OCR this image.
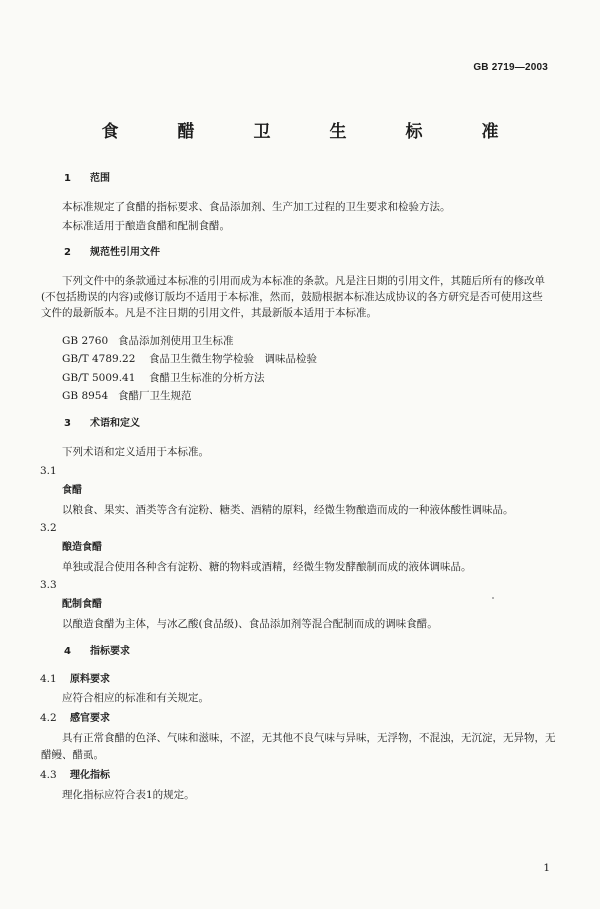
GB 2719—2003
食　醋　卫　生　标　准
1 范围
本标准规定了食醋的指标要求、食品添加剂、生产加工过程的卫生要求和检验方法。
本标准适用于酿造食醋和配制食醋。
2 规范性引用文件
下列文件中的条款通过本标准的引用而成为本标准的条款。凡是注日期的引用文件，其随后所有的修改单(不包括勘误的内容)或修订版均不适用于本标准，然而，鼓励根据本标准达成协议的各方研究是否可使用这些文件的最新版本。凡是不注日期的引用文件，其最新版本适用于本标准。
GB 2760 食品添加剂使用卫生标准
GB/T 4789.22 食品卫生微生物学检验　调味品检验
GB/T 5009.41 食醋卫生标准的分析方法
GB 8954 食醋厂卫生规范
3 术语和定义
下列术语和定义适用于本标准。
3.1
食醋
以粮食、果实、酒类等含有淀粉、糖类、酒精的原料，经微生物酿造而成的一种液体酸性调味品。
3.2
酿造食醋
单独或混合使用各种含有淀粉、糖的物料或酒精，经微生物发酵酿制而成的液体调味品。
3.3
配制食醋
以酿造食醋为主体，与冰乙酸(食品级)、食品添加剂等混合配制而成的调味食醋。
4 指标要求
4.1 原料要求
应符合相应的标准和有关规定。
4.2 感官要求
具有正常食醋的色泽、气味和滋味，不涩，无其他不良气味与异味，无浮物，不混浊，无沉淀，无异物，无醋鳗、醋虱。
4.3 理化指标
理化指标应符合表1的规定。
1
